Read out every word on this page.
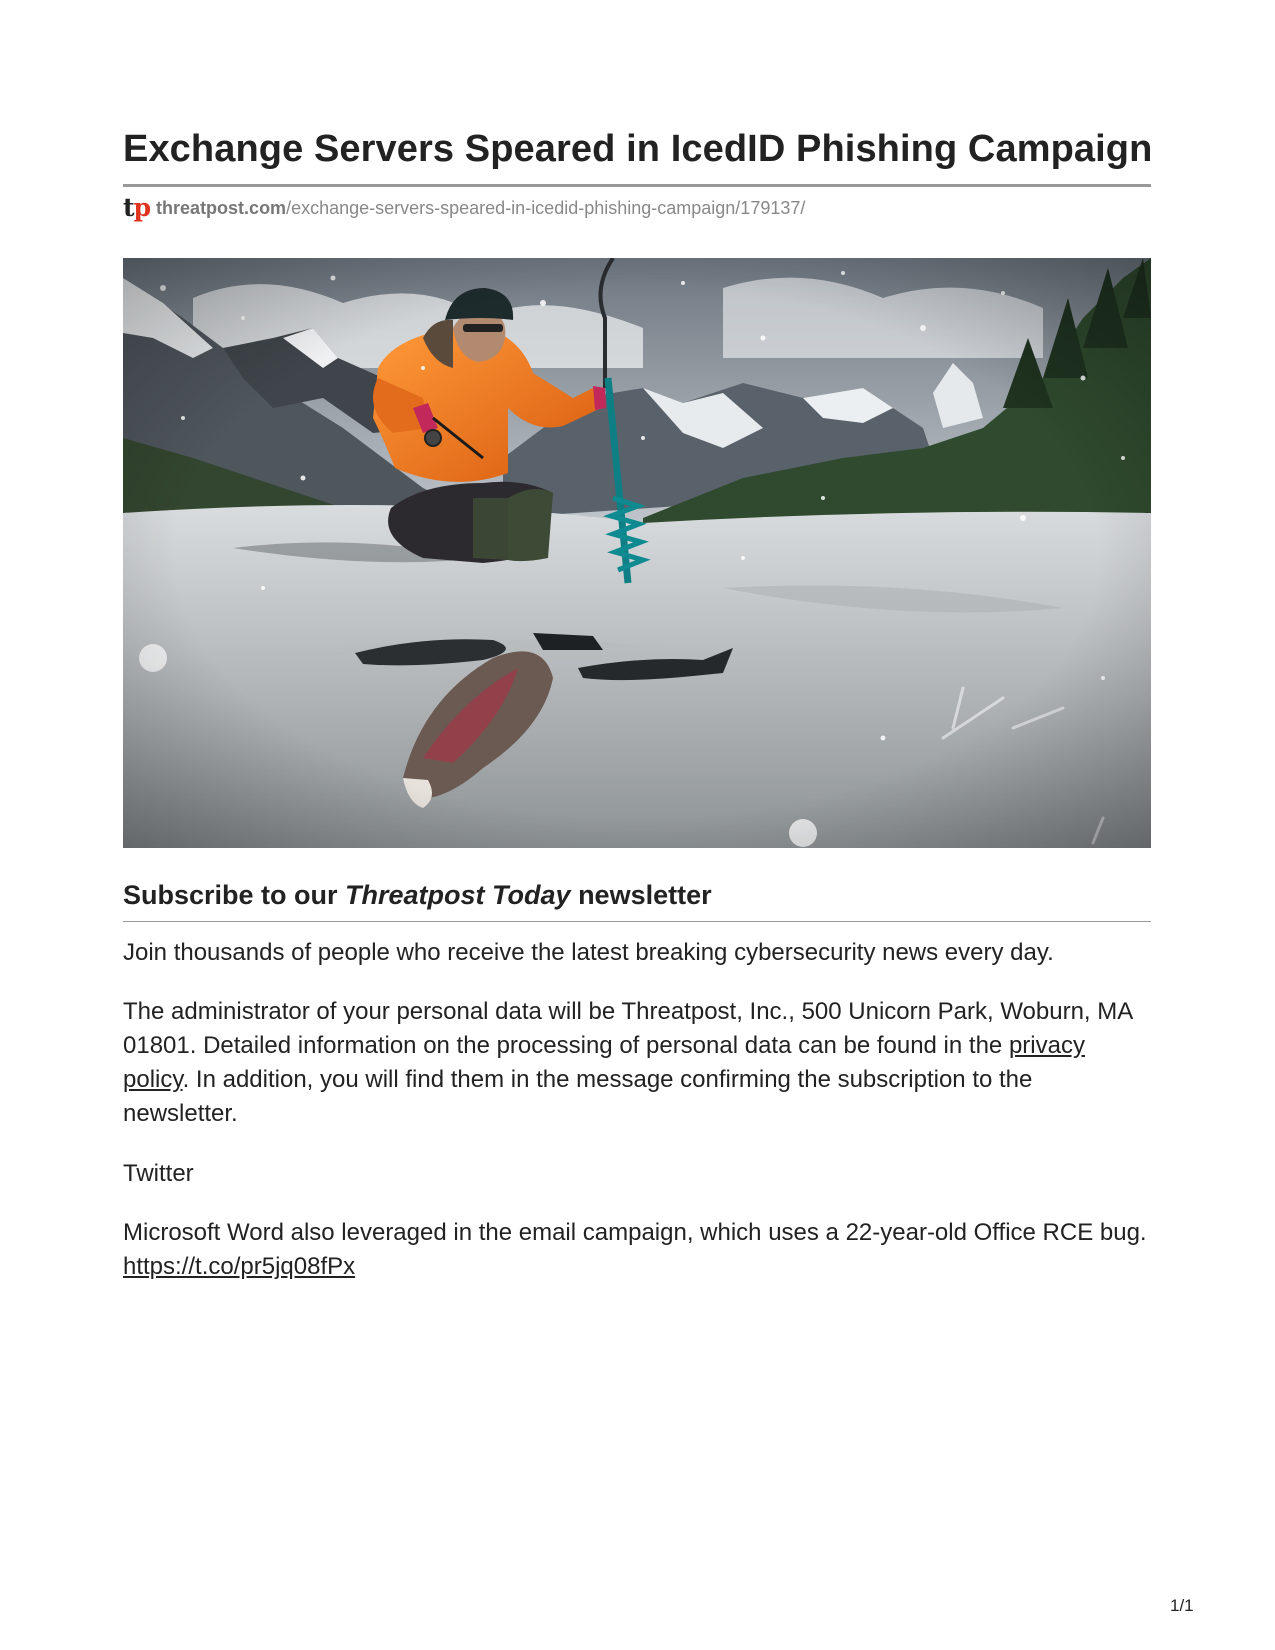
Exchange Servers Speared in IcedID Phishing Campaign
tp threatpost.com /exchange-servers-speared-in-icedid-phishing-campaign/179137/
Subscribe to our Threatpost Today newsletter

Join thousands of people who receive the latest breaking cybersecurity news every day.

The administrator of your personal data will be Threatpost, Inc., 500 Unicorn Park, Woburn, MA 01801. Detailed information on the processing of personal data can be found in the privacy policy. In addition, you will find them in the message confirming the subscription to the newsletter.

Twitter

Microsoft Word also leveraged in the email campaign, which uses a 22-year-old Office RCE bug. https://t.co/pr5jq08fPx

1/1
